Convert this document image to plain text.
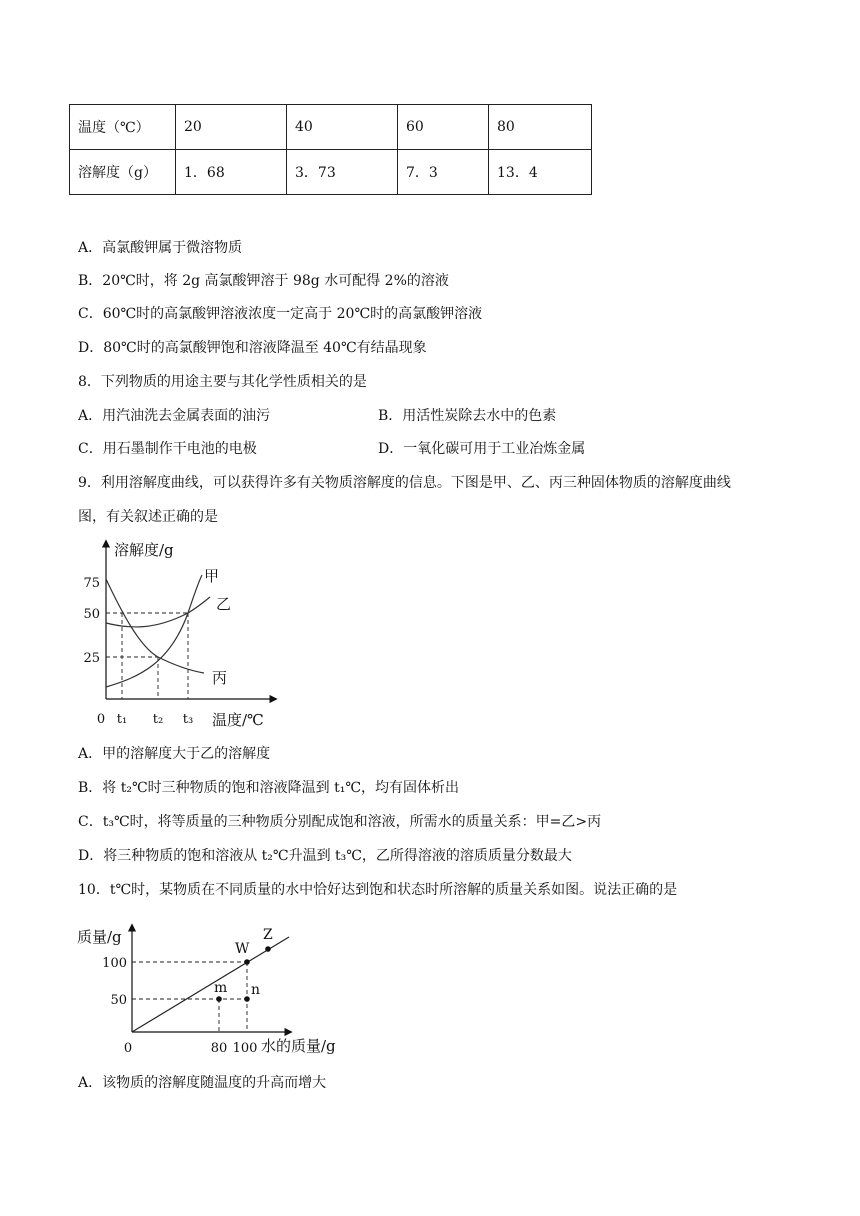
温度（℃）	20	40	60	80
溶解度（g）	1．68	3．73	7．3	13．4
A．高氯酸钾属于微溶物质
B．20℃时，将 2g 高氯酸钾溶于 98g 水可配得 2%的溶液
C．60℃时的高氯酸钾溶液浓度一定高于 20℃时的高氯酸钾溶液
D．80℃时的高氯酸钾饱和溶液降温至 40℃有结晶现象
8．下列物质的用途主要与其化学性质相关的是
A．用汽油洗去金属表面的油污	B．用活性炭除去水中的色素
C．用石墨制作干电池的电极	D．一氧化碳可用于工业冶炼金属
9．利用溶解度曲线，可以获得许多有关物质溶解度的信息。下图是甲、乙、丙三种固体物质的溶解度曲线
图，有关叙述正确的是
溶解度/g
温度/℃
0
75
50
25
t₁ t₂ t₃
甲
乙
丙
A．甲的溶解度大于乙的溶解度
B．将 t₂℃时三种物质的饱和溶液降温到 t₁℃，均有固体析出
C．t₃℃时，将等质量的三种物质分别配成饱和溶液，所需水的质量关系：甲=乙>丙
D．将三种物质的饱和溶液从 t₂℃升温到 t₃℃，乙所得溶液的溶质质量分数最大
10．t℃时，某物质在不同质量的水中恰好达到饱和状态时所溶解的质量关系如图。说法正确的是
W
Z
m n
质量/g
水的质量/g
0
100
50
80 100
A．该物质的溶解度随温度的升高而增大
